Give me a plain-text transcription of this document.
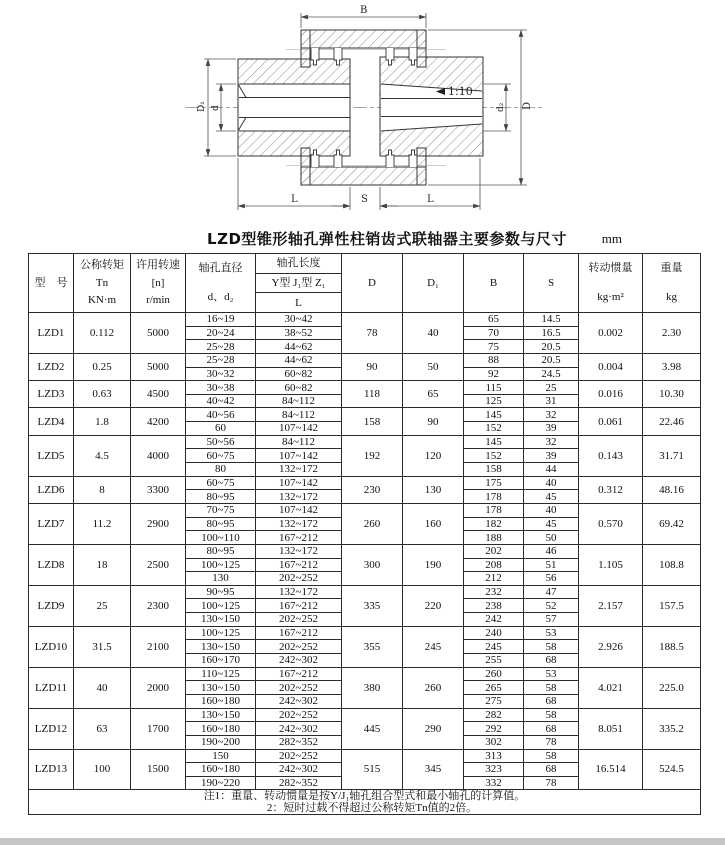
1:10
B
D
d₂
D₁ d
L	S	L
LZD型锥形轴孔弹性柱销齿式联轴器主要参数与尺寸	mm
型　号	
公称转矩
Tn
KN·m

许用转速
[n]
r/min

轴孔直径
d、d₂

轴孔长度
Y型 J₁型 Z₁
L
	D	D₁	B	S	
转动惯量
kg·m²

重量
kg

LZD1	0.112	5000	16~19	30~42	78	40	65	14.5	0.002	2.30
			20~24	38~52			70	16.5		
			25~28	44~62			75	20.5		
LZD2	0.25	5000	25~28	44~62	90	50	88	20.5	0.004	3.98
			30~32	60~82			92	24.5		
LZD3	0.63	4500	30~38	60~82	118	65	115	25	0.016	10.30
			40~42	84~112			125	31		
LZD4	1.8	4200	40~56	84~112	158	90	145	32	0.061	22.46
			60	107~142			152	39		
LZD5	4.5	4000	50~56	84~112	192	120	145	32	0.143	31.71
			60~75	107~142			152	39		
			80	132~172			158	44		
LZD6	8	3300	60~75	107~142	230	130	175	40	0.312	48.16
			80~95	132~172			178	45		
LZD7	11.2	2900	70~75	107~142	260	160	178	40	0.570	69.42
			80~95	132~172			182	45		
			100~110	167~212			188	50		
LZD8	18	2500	80~95	132~172	300	190	202	46	1.105	108.8
			100~125	167~212			208	51		
			130	202~252			212	56		
LZD9	25	2300	90~95	132~172	335	220	232	47	2.157	157.5
			100~125	167~212			238	52		
			130~150	202~252			242	57		
LZD10	31.5	2100	100~125	167~212	355	245	240	53	2.926	188.5
			130~150	202~252			245	58		
			160~170	242~302			255	68		
LZD11	40	2000	110~125	167~212	380	260	260	53	4.021	225.0
			130~150	202~252			265	58		
			160~180	242~302			275	68		
LZD12	63	1700	130~150	202~252	445	290	282	58	8.051	335.2
			160~180	242~302			292	68		
			190~200	282~352			302	78		
LZD13	100	1500	150	202~252	515	345	313	58	16.514	524.5
			160~180	242~302			323	68		
			190~220	282~352			332	78		

注1：重量、转动惯量是按Y/J₁轴孔组合型式和最小轴孔的计算值。
2：短时过载不得超过公称转矩Tn值的2倍。										
